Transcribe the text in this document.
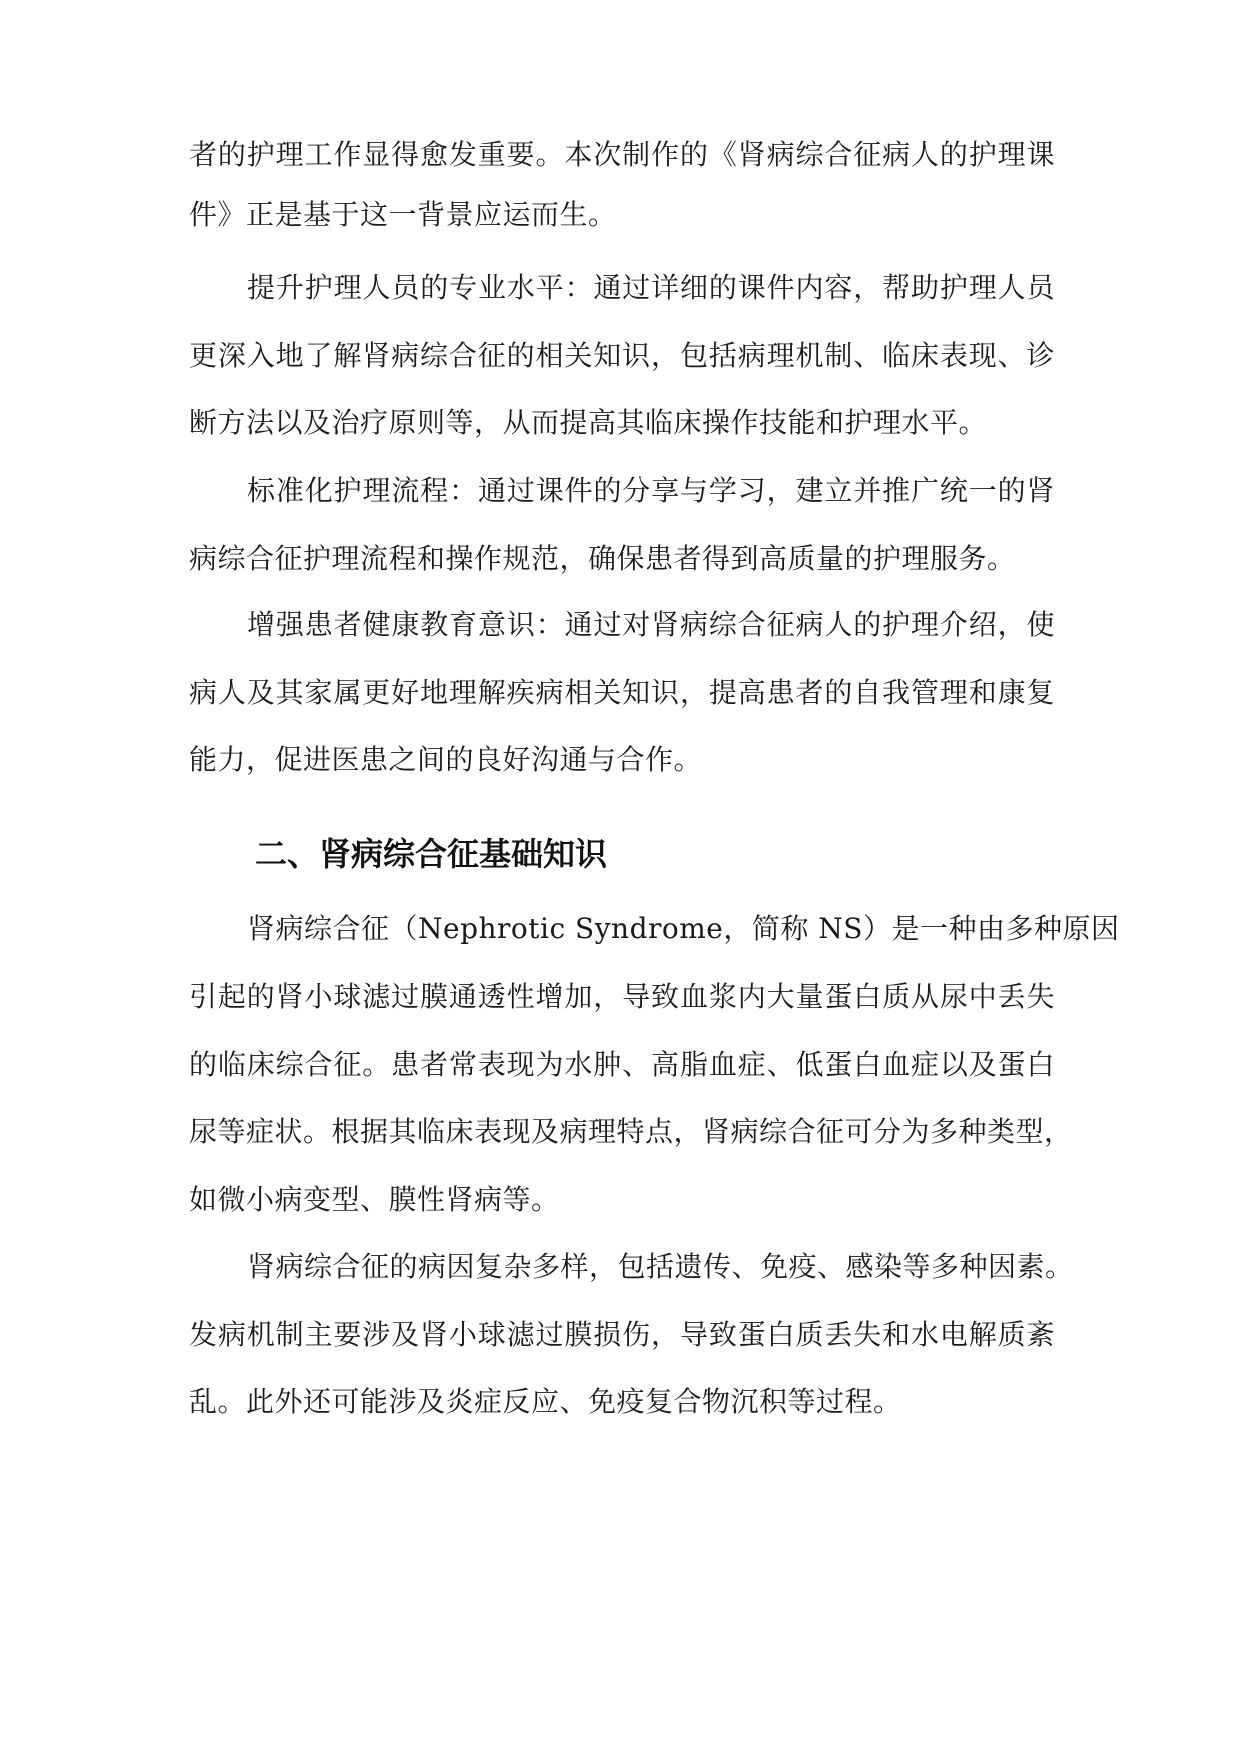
者的护理工作显得愈发重要。本次制作的《肾病综合征病人的护理课
件》正是基于这一背景应运而生。
提升护理人员的专业水平：通过详细的课件内容，帮助护理人员
更深入地了解肾病综合征的相关知识，包括病理机制、临床表现、诊
断方法以及治疗原则等，从而提高其临床操作技能和护理水平。
标准化护理流程：通过课件的分享与学习，建立并推广统一的肾
病综合征护理流程和操作规范，确保患者得到高质量的护理服务。
增强患者健康教育意识：通过对肾病综合征病人的护理介绍，使
病人及其家属更好地理解疾病相关知识，提高患者的自我管理和康复
能力，促进医患之间的良好沟通与合作。
二、肾病综合征基础知识
肾病综合征（Nephrotic Syndrome，简称 NS）是一种由多种原因
引起的肾小球滤过膜通透性增加，导致血浆内大量蛋白质从尿中丢失
的临床综合征。患者常表现为水肿、高脂血症、低蛋白血症以及蛋白
尿等症状。根据其临床表现及病理特点，肾病综合征可分为多种类型，
如微小病变型、膜性肾病等。
肾病综合征的病因复杂多样，包括遗传、免疫、感染等多种因素。
发病机制主要涉及肾小球滤过膜损伤，导致蛋白质丢失和水电解质紊
乱。此外还可能涉及炎症反应、免疫复合物沉积等过程。
